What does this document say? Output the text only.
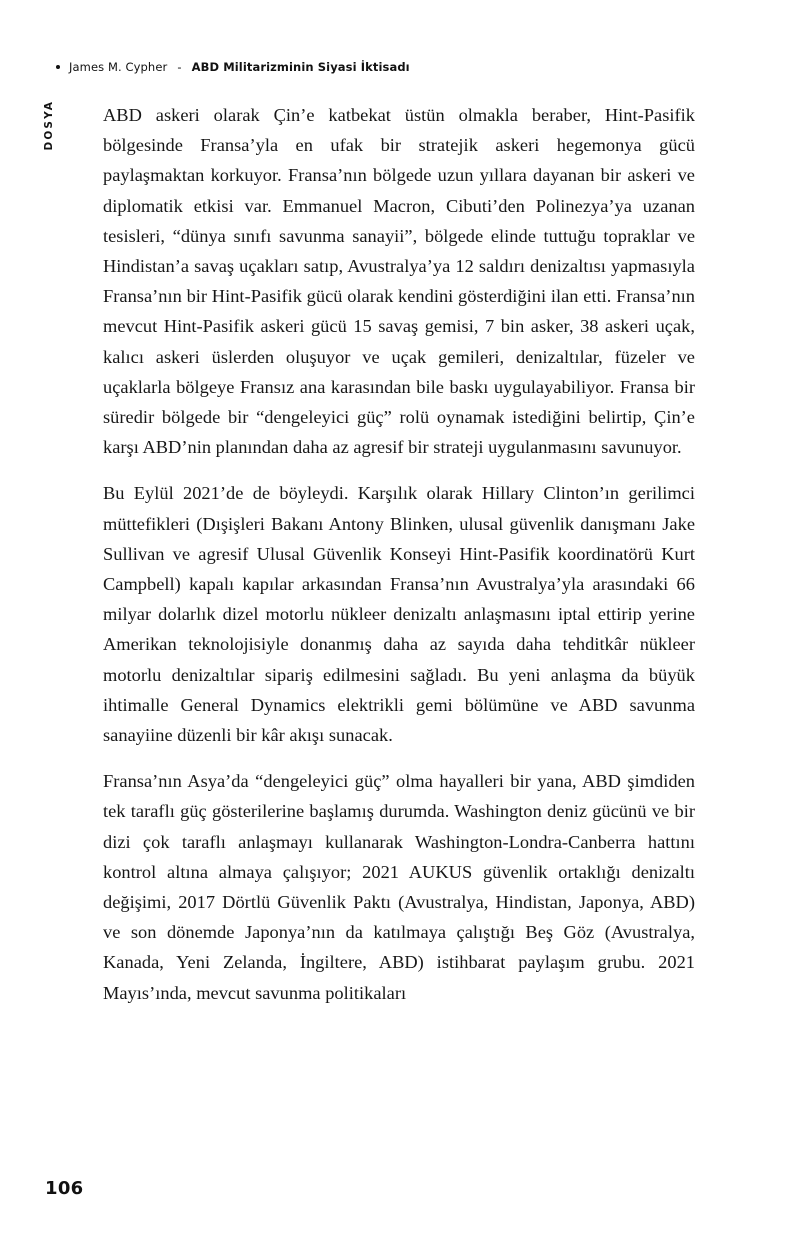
James M. Cypher - ABD Militarizminin Siyasi İktisadı
DOSYA	ABD askeri olarak Çin’e katbekat üstün olmakla beraber, Hint-Pasifik bölgesinde Fransa’yla en ufak bir stratejik askeri hegemonya gücü paylaşmaktan korkuyor. Fransa’nın bölgede uzun yıllara dayanan bir askeri ve diplomatik etkisi var. Emmanuel Macron, Cibuti’den Polinezya’ya uzanan tesisleri, “dünya sınıfı savunma sanayii”, bölgede elinde tuttuğu topraklar ve Hindistan’a savaş uçakları satıp, Avustralya’ya 12 saldırı denizaltısı yapmasıyla Fransa’nın bir Hint-Pasifik gücü olarak kendini gösterdiğini ilan etti. Fransa’nın mevcut Hint-Pasifik askeri gücü 15 savaş gemisi, 7 bin asker, 38 askeri uçak, kalıcı askeri üslerden oluşuyor ve uçak gemileri, denizaltılar, füzeler ve uçaklarla bölgeye Fransız ana karasından bile baskı uygulayabiliyor. Fransa bir süredir bölgede bir “dengeleyici güç” rolü oynamak istediğini belirtip, Çin’e karşı ABD’nin planından daha az agresif bir strateji uygulanmasını savunuyor.

Bu Eylül 2021’de de böyleydi. Karşılık olarak Hillary Clinton’ın gerilimci müttefikleri (Dışişleri Bakanı Antony Blinken, ulusal güvenlik danışmanı Jake Sullivan ve agresif Ulusal Güvenlik Konseyi Hint-Pasifik koordinatörü Kurt Campbell) kapalı kapılar arkasından Fransa’nın Avustralya’yla arasındaki 66 milyar dolarlık dizel motorlu nükleer denizaltı anlaşmasını iptal ettirip yerine Amerikan teknolojisiyle donanmış daha az sayıda daha tehditkâr nükleer motorlu denizaltılar sipariş edilmesini sağladı. Bu yeni anlaşma da büyük ihtimalle General Dynamics elektrikli gemi bölümüne ve ABD savunma sanayiine düzenli bir kâr akışı sunacak.

Fransa’nın Asya’da “dengeleyici güç” olma hayalleri bir yana, ABD şimdiden tek taraflı güç gösterilerine başlamış durumda. Washington deniz gücünü ve bir dizi çok taraflı anlaşmayı kullanarak Washington-Londra-Canberra hattını kontrol altına almaya çalışıyor; 2021 AUKUS güvenlik ortaklığı denizaltı değişimi, 2017 Dörtlü Güvenlik Paktı (Avustralya, Hindistan, Japonya, ABD) ve son dönemde Japonya’nın da katılmaya çalıştığı Beş Göz (Avustralya, Kanada, Yeni Zelanda, İngiltere, ABD) istihbarat paylaşım grubu. 2021 Mayıs’ında, mevcut savunma politikaları

106
